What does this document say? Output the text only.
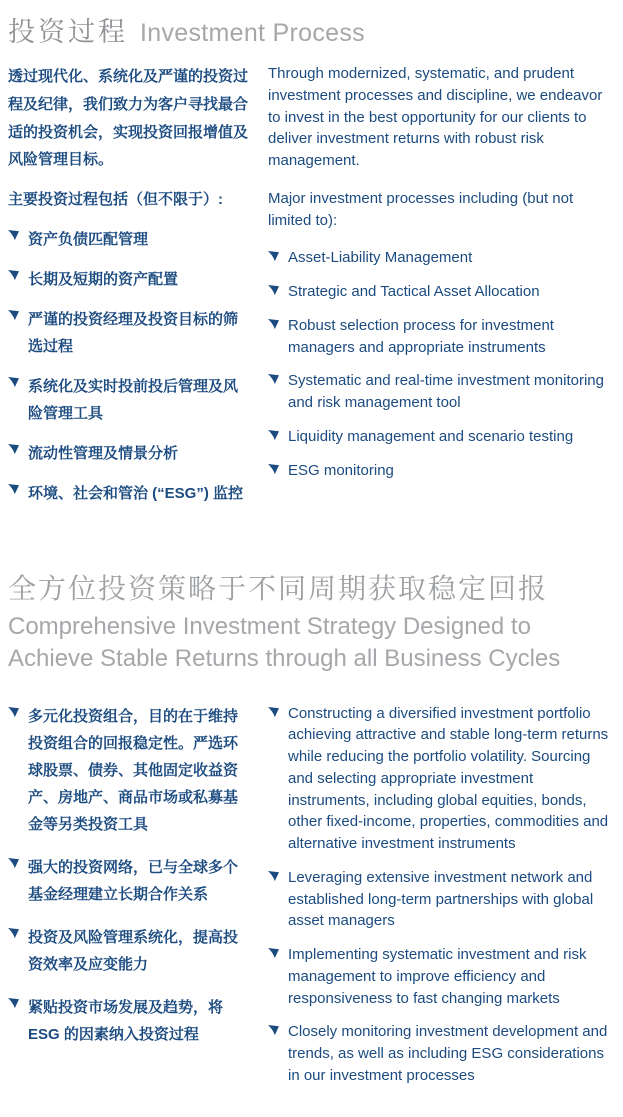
投资过程 Investment Process

透过现代化、系统化及严谨的投资过程及纪律，我们致力为客户寻找最合适的投资机会，实现投资回报增值及风险管理目标。

主要投资过程包括（但不限于）:

资产负债匹配管理
长期及短期的资产配置
严谨的投资经理及投资目标的筛选过程
系统化及实时投前投后管理及风险管理工具
流动性管理及情景分析
环境、社会和管治 (“ESG”) 监控

Through modernized, systematic, and prudent investment processes and discipline, we endeavor to invest in the best opportunity for our clients to deliver investment returns with robust risk management.

Major investment processes including (but not limited to):

Asset-Liability Management
Strategic and Tactical Asset Allocation
Robust selection process for investment managers and appropriate instruments
Systematic and real-time investment monitoring and risk management tool
Liquidity management and scenario testing
ESG monitoring
全方位投资策略于不同周期获取稳定回报
Comprehensive Investment Strategy Designed to Achieve Stable Returns through all Business Cycles
多元化投资组合，目的在于维持投资组合的回报稳定性。严选环球股票、债券、其他固定收益资产、房地产、商品市场或私募基金等另类投资工具
强大的投资网络，已与全球多个基金经理建立长期合作关系
投资及风险管理系统化，提高投资效率及应变能力
紧贴投资市场发展及趋势，将 ESG 的因素纳入投资过程
Constructing a diversified investment portfolio achieving attractive and stable long-term returns while reducing the portfolio volatility. Sourcing and selecting appropriate investment instruments, including global equities, bonds, other fixed-income, properties, commodities and alternative investment instruments
Leveraging extensive investment network and established long-term partnerships with global asset managers
Implementing systematic investment and risk management to improve efficiency and responsiveness to fast changing markets
Closely monitoring investment development and trends, as well as including ESG considerations in our investment processes
